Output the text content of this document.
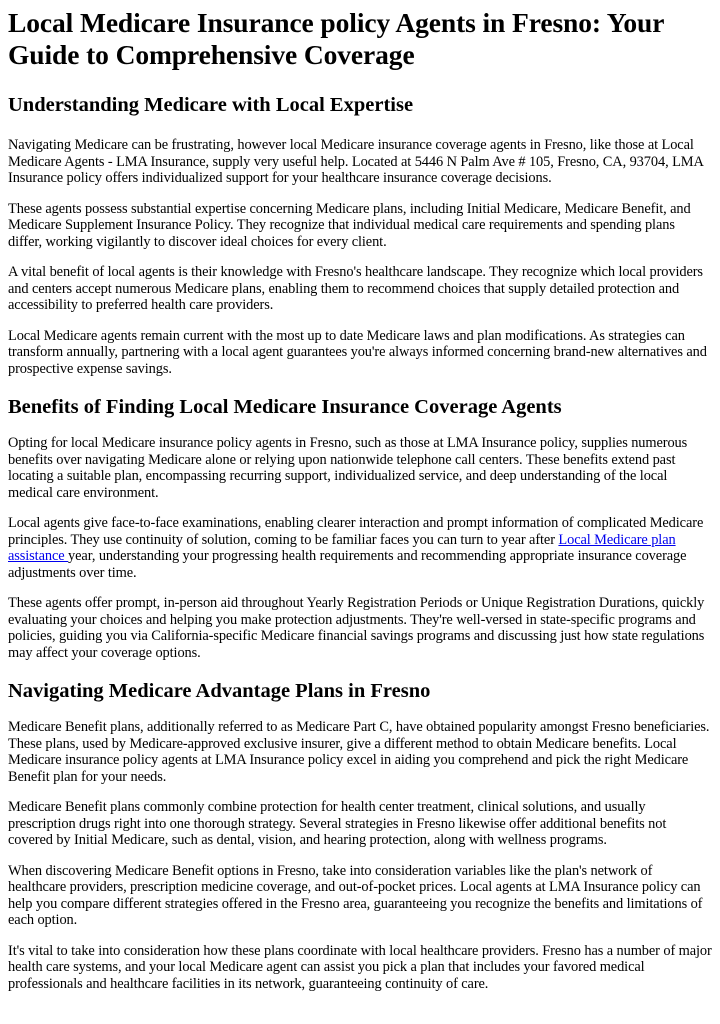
Local Medicare Insurance policy Agents in Fresno: Your Guide to Comprehensive Coverage
Understanding Medicare with Local Expertise

Navigating Medicare can be frustrating, however local Medicare insurance coverage agents in Fresno, like those at Local Medicare Agents - LMA Insurance, supply very useful help. Located at 5446 N Palm Ave # 105, Fresno, CA, 93704, LMA Insurance policy offers individualized support for your healthcare insurance coverage decisions.

These agents possess substantial expertise concerning Medicare plans, including Initial Medicare, Medicare Benefit, and Medicare Supplement Insurance Policy. They recognize that individual medical care requirements and spending plans differ, working vigilantly to discover ideal choices for every client.

A vital benefit of local agents is their knowledge with Fresno's healthcare landscape. They recognize which local providers and centers accept numerous Medicare plans, enabling them to recommend choices that supply detailed protection and accessibility to preferred health care providers.

Local Medicare agents remain current with the most up to date Medicare laws and plan modifications. As strategies can transform annually, partnering with a local agent guarantees you're always informed concerning brand-new alternatives and prospective expense savings.

Benefits of Finding Local Medicare Insurance Coverage Agents

Opting for local Medicare insurance policy agents in Fresno, such as those at LMA Insurance policy, supplies numerous benefits over navigating Medicare alone or relying upon nationwide telephone call centers. These benefits extend past locating a suitable plan, encompassing recurring support, individualized service, and deep understanding of the local medical care environment.

Local agents give face-to-face examinations, enabling clearer interaction and prompt information of complicated Medicare principles. They use continuity of solution, coming to be familiar faces you can turn to year after Local Medicare plan assistance year, understanding your progressing health requirements and recommending appropriate insurance coverage adjustments over time.

These agents offer prompt, in-person aid throughout Yearly Registration Periods or Unique Registration Durations, quickly evaluating your choices and helping you make protection adjustments. They're well-versed in state-specific programs and policies, guiding you via California-specific Medicare financial savings programs and discussing just how state regulations may affect your coverage options.

Navigating Medicare Advantage Plans in Fresno

Medicare Benefit plans, additionally referred to as Medicare Part C, have obtained popularity amongst Fresno beneficiaries. These plans, used by Medicare-approved exclusive insurer, give a different method to obtain Medicare benefits. Local Medicare insurance policy agents at LMA Insurance policy excel in aiding you comprehend and pick the right Medicare Benefit plan for your needs.

Medicare Benefit plans commonly combine protection for health center treatment, clinical solutions, and usually prescription drugs right into one thorough strategy. Several strategies in Fresno likewise offer additional benefits not covered by Initial Medicare, such as dental, vision, and hearing protection, along with wellness programs.

When discovering Medicare Benefit options in Fresno, take into consideration variables like the plan's network of healthcare providers, prescription medicine coverage, and out-of-pocket prices. Local agents at LMA Insurance policy can help you compare different strategies offered in the Fresno area, guaranteeing you recognize the benefits and limitations of each option.

It's vital to take into consideration how these plans coordinate with local healthcare providers. Fresno has a number of major health care systems, and your local Medicare agent can assist you pick a plan that includes your favored medical professionals and healthcare facilities in its network, guaranteeing continuity of care.
